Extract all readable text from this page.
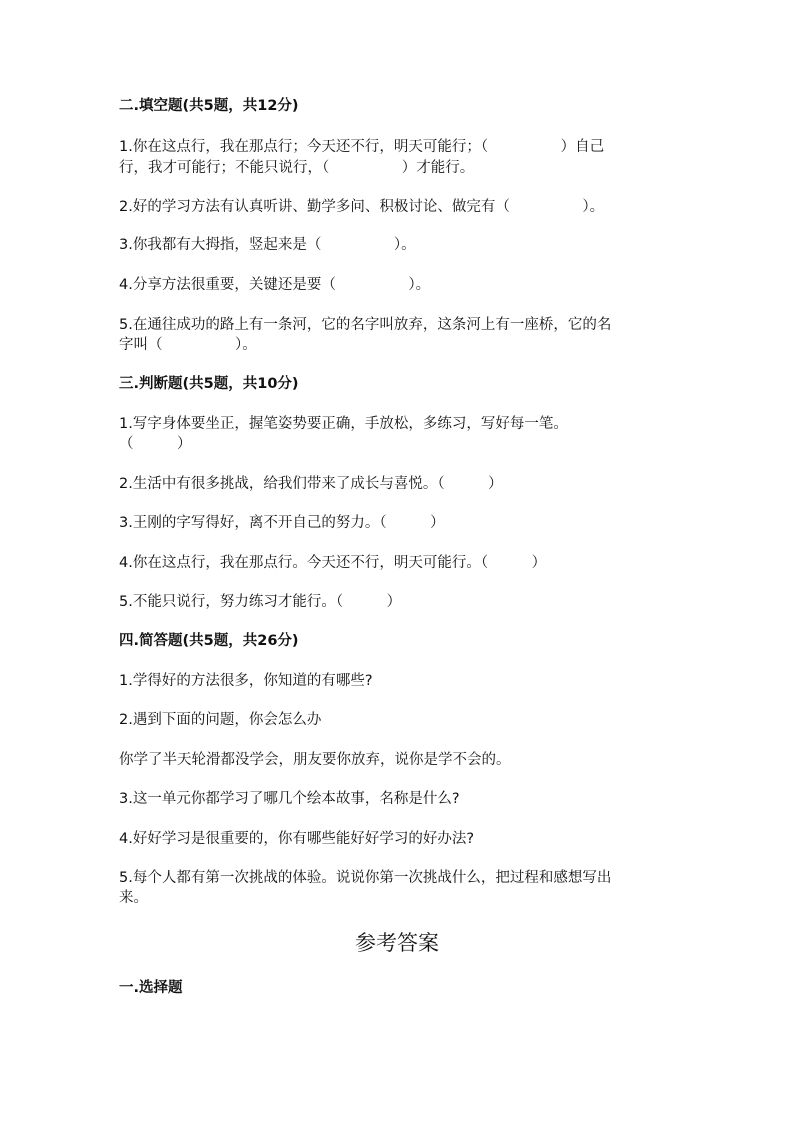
二.填空题(共5题，共12分)
1.你在这点行，我在那点行；今天还不行，明天可能行；（　　　　　）自己
行，我才可能行；不能只说行，（　　　　　）才能行。
2.好的学习方法有认真听讲、勤学多问、积极讨论、做完有（　　　　　）。
3.你我都有大拇指，竖起来是（　　　　　）。
4.分享方法很重要，关键还是要（　　　　　）。
5.在通往成功的路上有一条河，它的名字叫放弃，这条河上有一座桥，它的名
字叫（　　　　　）。
三.判断题(共5题，共10分)
1.写字身体要坐正，握笔姿势要正确，手放松，多练习，写好每一笔。
（　　　）
2.生活中有很多挑战，给我们带来了成长与喜悦。（　　　）
3.王刚的字写得好，离不开自己的努力。（　　　）
4.你在这点行，我在那点行。今天还不行，明天可能行。（　　　）
5.不能只说行，努力练习才能行。（　　　）
四.简答题(共5题，共26分)
1.学得好的方法很多，你知道的有哪些?
2.遇到下面的问题，你会怎么办
你学了半天轮滑都没学会，朋友要你放弃，说你是学不会的。
3.这一单元你都学习了哪几个绘本故事，名称是什么?
4.好好学习是很重要的，你有哪些能好好学习的好办法?
5.每个人都有第一次挑战的体验。说说你第一次挑战什么，把过程和感想写出
来。
参考答案
一.选择题
